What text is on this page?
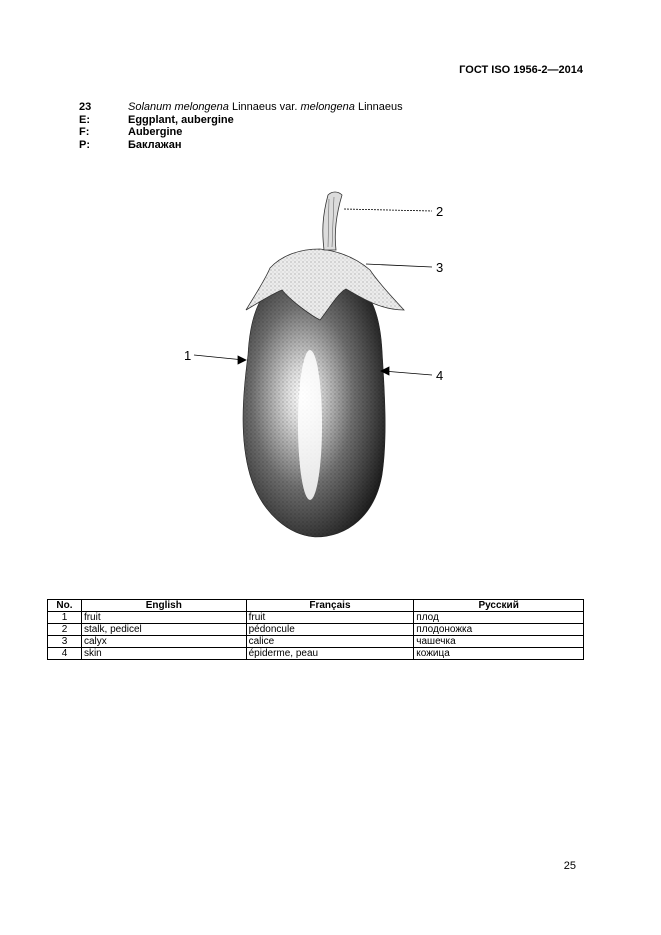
ГОСТ ISO 1956-2—2014
23	Solanum melongena Linnaeus var. melongena Linnaeus
E:	Eggplant, aubergine
F:	Aubergine
P:	Баклажан
1
2
3
4
No.	English	Français	Русский
1	fruit	fruit	плод
2	stalk, pedicel	pédoncule	плодоножка
3	calyx	calice	чашечка
4	skin	épiderme, peau	кожица
25
